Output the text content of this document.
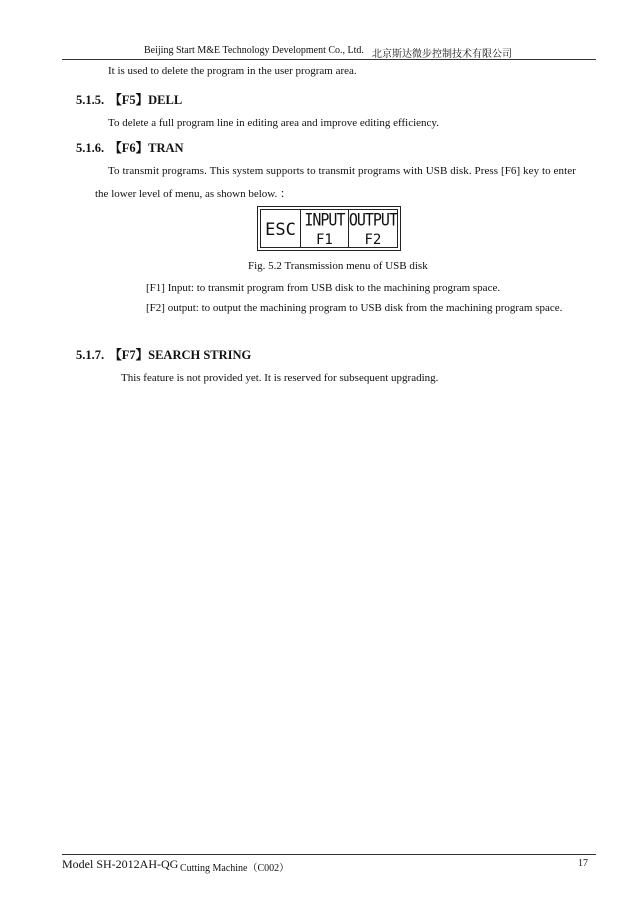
Beijing Start M&E Technology Development Co., Ltd. 北京斯达微步控制技术有限公司
It is used to delete the program in the user program area.
5.1.5. 【F5】DELL
To delete a full program line in editing area and improve editing efficiency.
5.1.6. 【F6】TRAN
To transmit programs. This system supports to transmit programs with USB disk. Press [F6] key to enter
the lower level of menu, as shown below. ：
ESC INPUT
F1
OUTPUT
F2
Fig. 5.2 Transmission menu of USB disk
[F1] Input: to transmit program from USB disk to the machining program space.
[F2] output: to output the machining program to USB disk from the machining program space.
5.1.7. 【F7】SEARCH STRING
This feature is not provided yet. It is reserved for subsequent upgrading.
Model SH-2012AH-QG Cutting Machine（C002）	17
